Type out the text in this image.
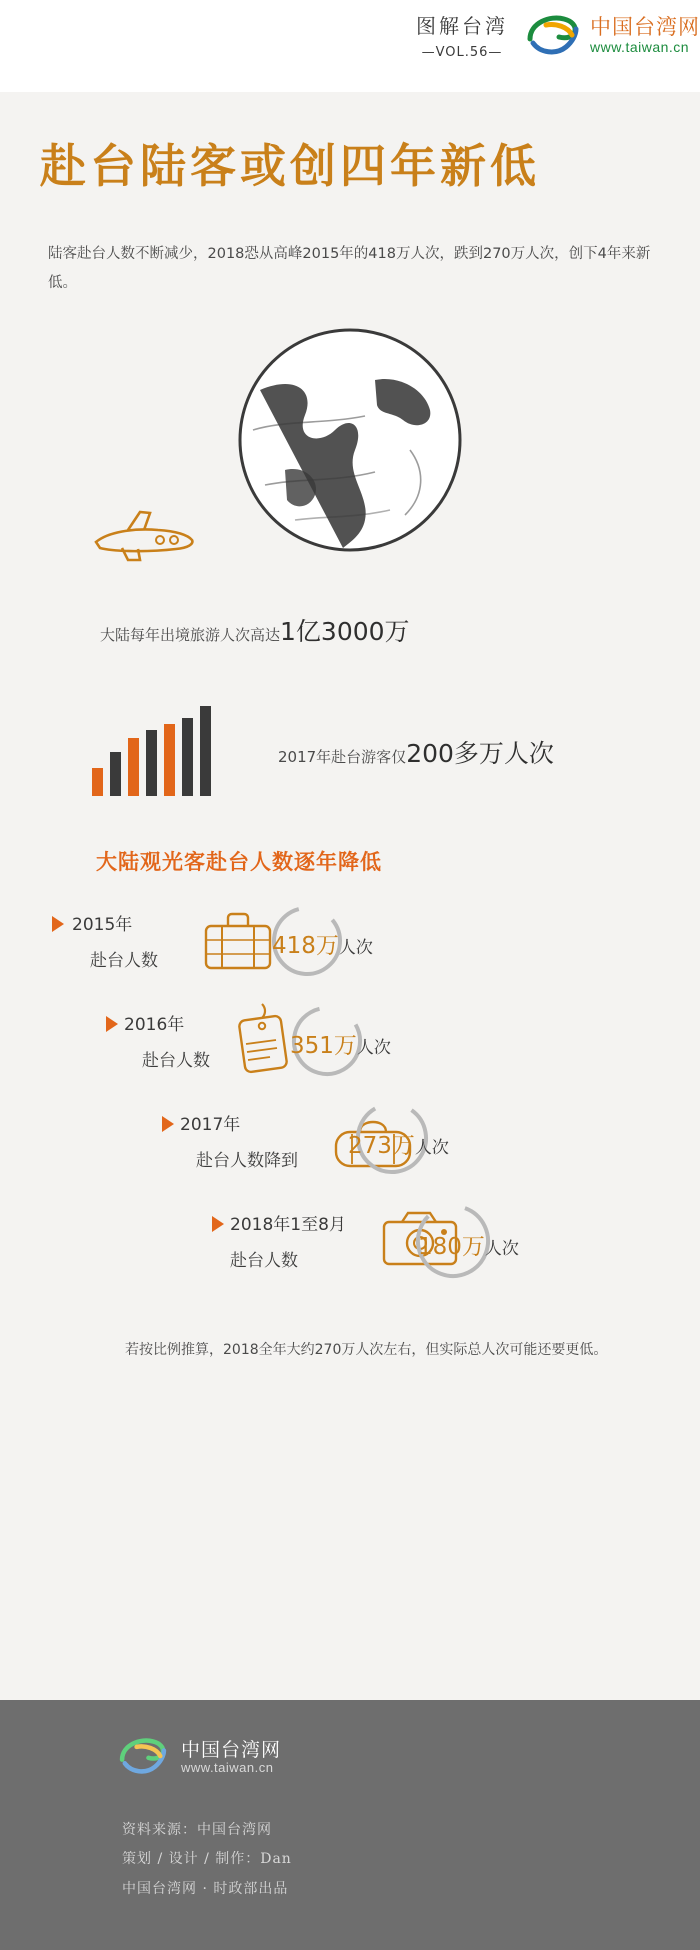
图解台湾
—VOL.56—
中国台湾网
www.taiwan.cn
赴台陆客或创四年新低

陆客赴台人数不断减少，2018恐从高峰2015年的418万人次，跌到270万人次，创下4年来新低。

大陆每年出境旅游人次高达1亿3000万
2017年赴台游客仅200多万人次
大陆观光客赴台人数逐年降低
2015年
赴台人数
418万人次
2016年
赴台人数
351万人次
2017年
赴台人数降到
273万人次
2018年1至8月
赴台人数
180万人次

若按比例推算，2018全年大约270万人次左右，但实际总人次可能还要更低。

中国台湾网
www.taiwan.cn
资料来源：中国台湾网
策划 / 设计 / 制作：Dan
中国台湾网 · 时政部出品
